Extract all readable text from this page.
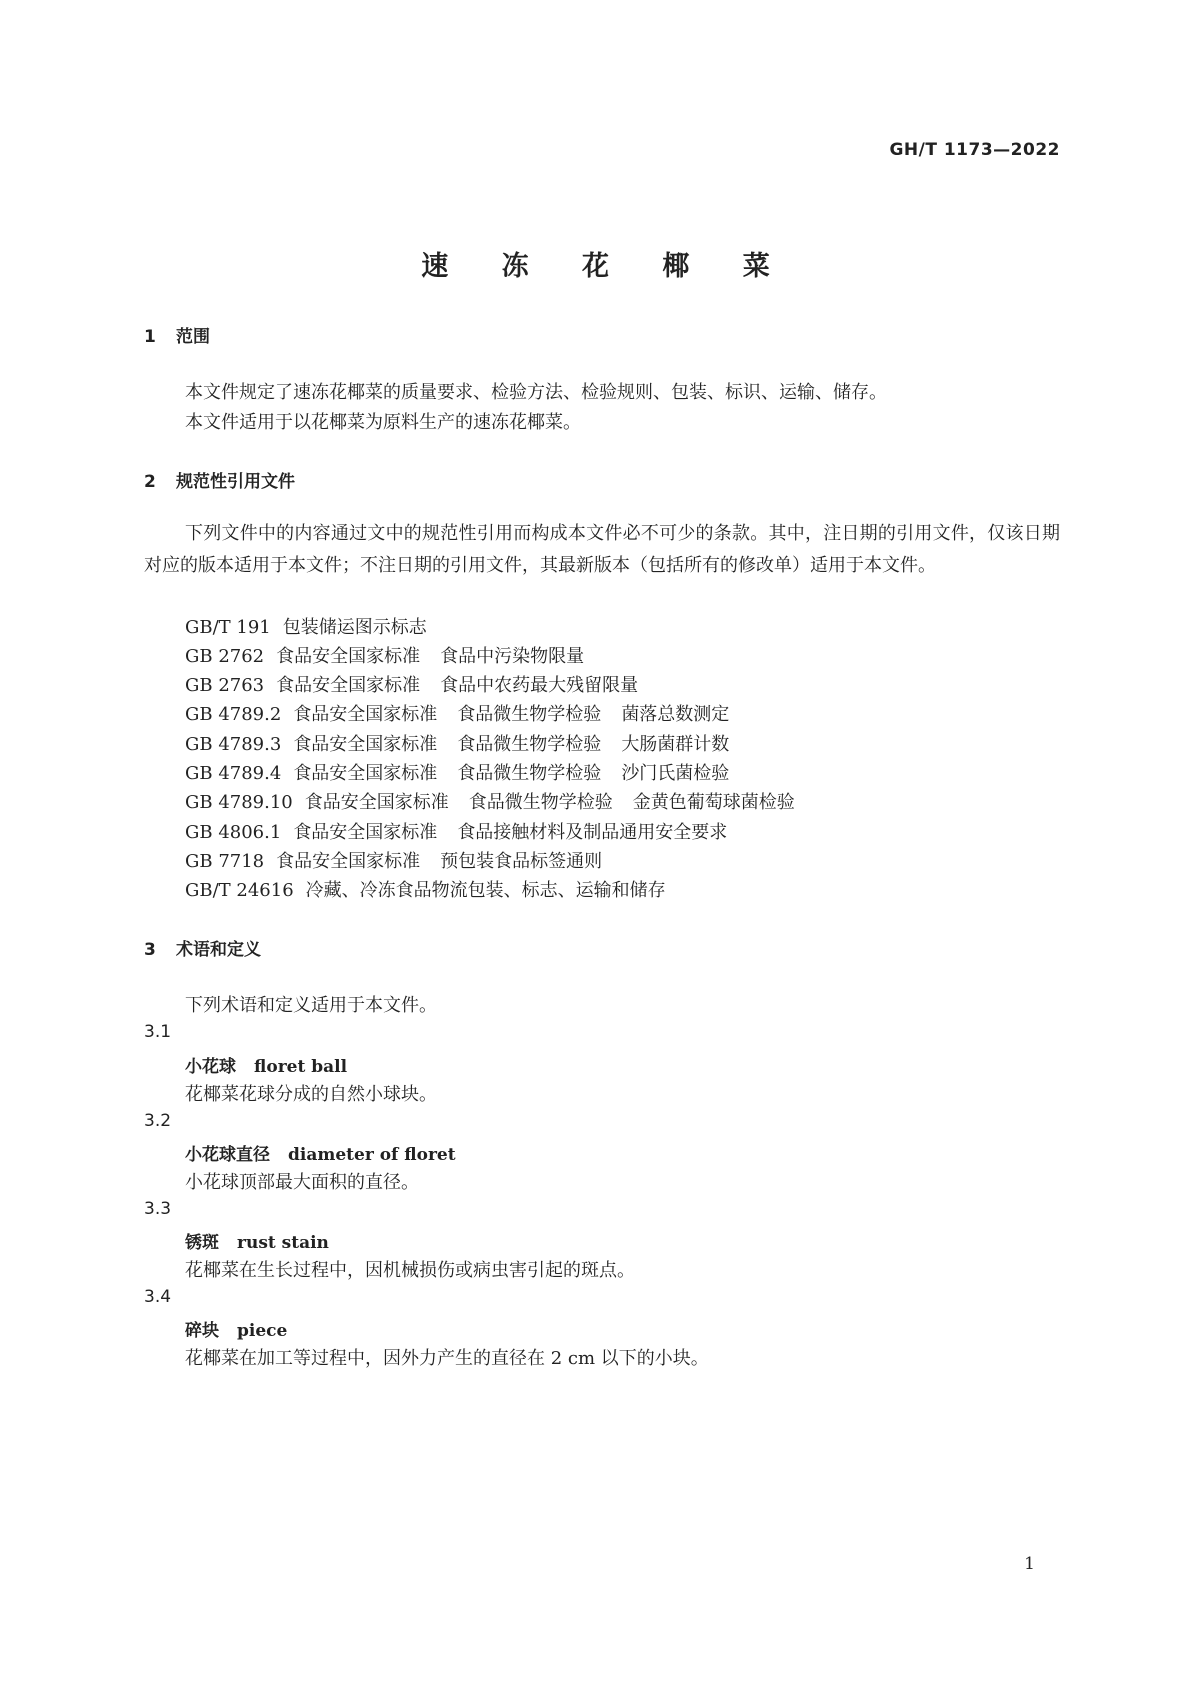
GH/T 1173—2022
速 冻 花 椰 菜
1 范围
本文件规定了速冻花椰菜的质量要求、检验方法、检验规则、包装、标识、运输、储存。
本文件适用于以花椰菜为原料生产的速冻花椰菜。
2 规范性引用文件
下列文件中的内容通过文中的规范性引用而构成本文件必不可少的条款。其中，注日期的引用文件，仅该日期对应的版本适用于本文件；不注日期的引用文件，其最新版本（包括所有的修改单）适用于本文件。
GB/T 191 包装储运图示标志
GB 2762 食品安全国家标准 食品中污染物限量
GB 2763 食品安全国家标准 食品中农药最大残留限量
GB 4789.2 食品安全国家标准 食品微生物学检验 菌落总数测定
GB 4789.3 食品安全国家标准 食品微生物学检验 大肠菌群计数
GB 4789.4 食品安全国家标准 食品微生物学检验 沙门氏菌检验
GB 4789.10 食品安全国家标准 食品微生物学检验 金黄色葡萄球菌检验
GB 4806.1 食品安全国家标准 食品接触材料及制品通用安全要求
GB 7718 食品安全国家标准 预包装食品标签通则
GB/T 24616 冷藏、冷冻食品物流包装、标志、运输和储存
3 术语和定义
下列术语和定义适用于本文件。
3.1
小花球 floret ball
花椰菜花球分成的自然小球块。
3.2
小花球直径 diameter of floret
小花球顶部最大面积的直径。
3.3
锈斑 rust stain
花椰菜在生长过程中，因机械损伤或病虫害引起的斑点。
3.4
碎块 piece
花椰菜在加工等过程中，因外力产生的直径在 2 cm 以下的小块。
1
